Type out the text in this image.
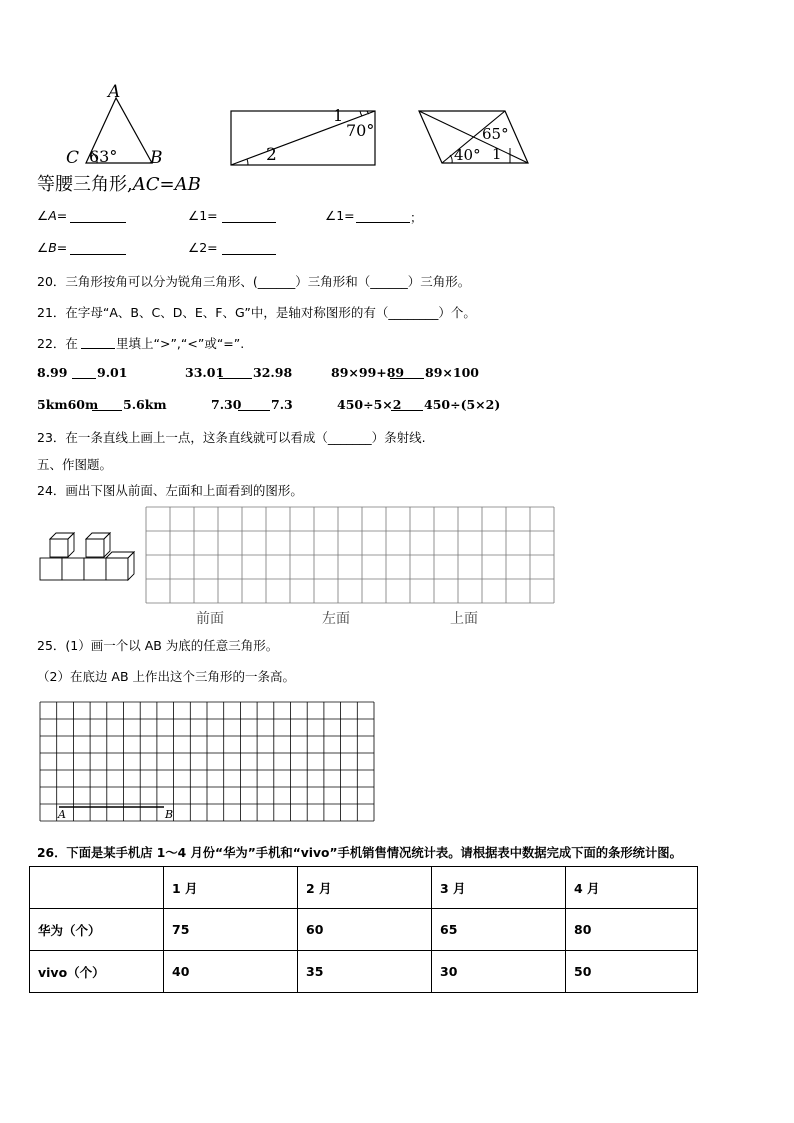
A
C 63° B
1
70°
2
65°
40° 1
等腰三角形,AC=AB
∠A=	∠1=	∠1=	；
∠B=	∠2=
20．三角形按角可以分为锐角三角形、(______）三角形和（______）三角形。
21．在字母“A、B、C、D、E、F、G”中，是轴对称图形的有（________）个。
22．在	里填上“>”,“<”或“=”.
8.99 9.01	33.01 32.98	89×99+89 89×100
5km60m 5.6km	7.30 7.3	450÷5×2 450÷(5×2)
23．在一条直线上画上一点，这条直线就可以看成（_______）条射线.
五、作图题。
24．画出下图从前面、左面和上面看到的图形。
前面	左面	上面
25．(1）画一个以 AB 为底的任意三角形。
（2）在底边 AB 上作出这个三角形的一条高。
A	B
26．下面是某手机店 1～4 月份“华为”手机和“vivo”手机销售情况统计表。请根据表中数据完成下面的条形统计图。
	1 月	2 月	3 月	4 月
华为（个）	75	60	65	80
vivo（个）	40	35	30	50
